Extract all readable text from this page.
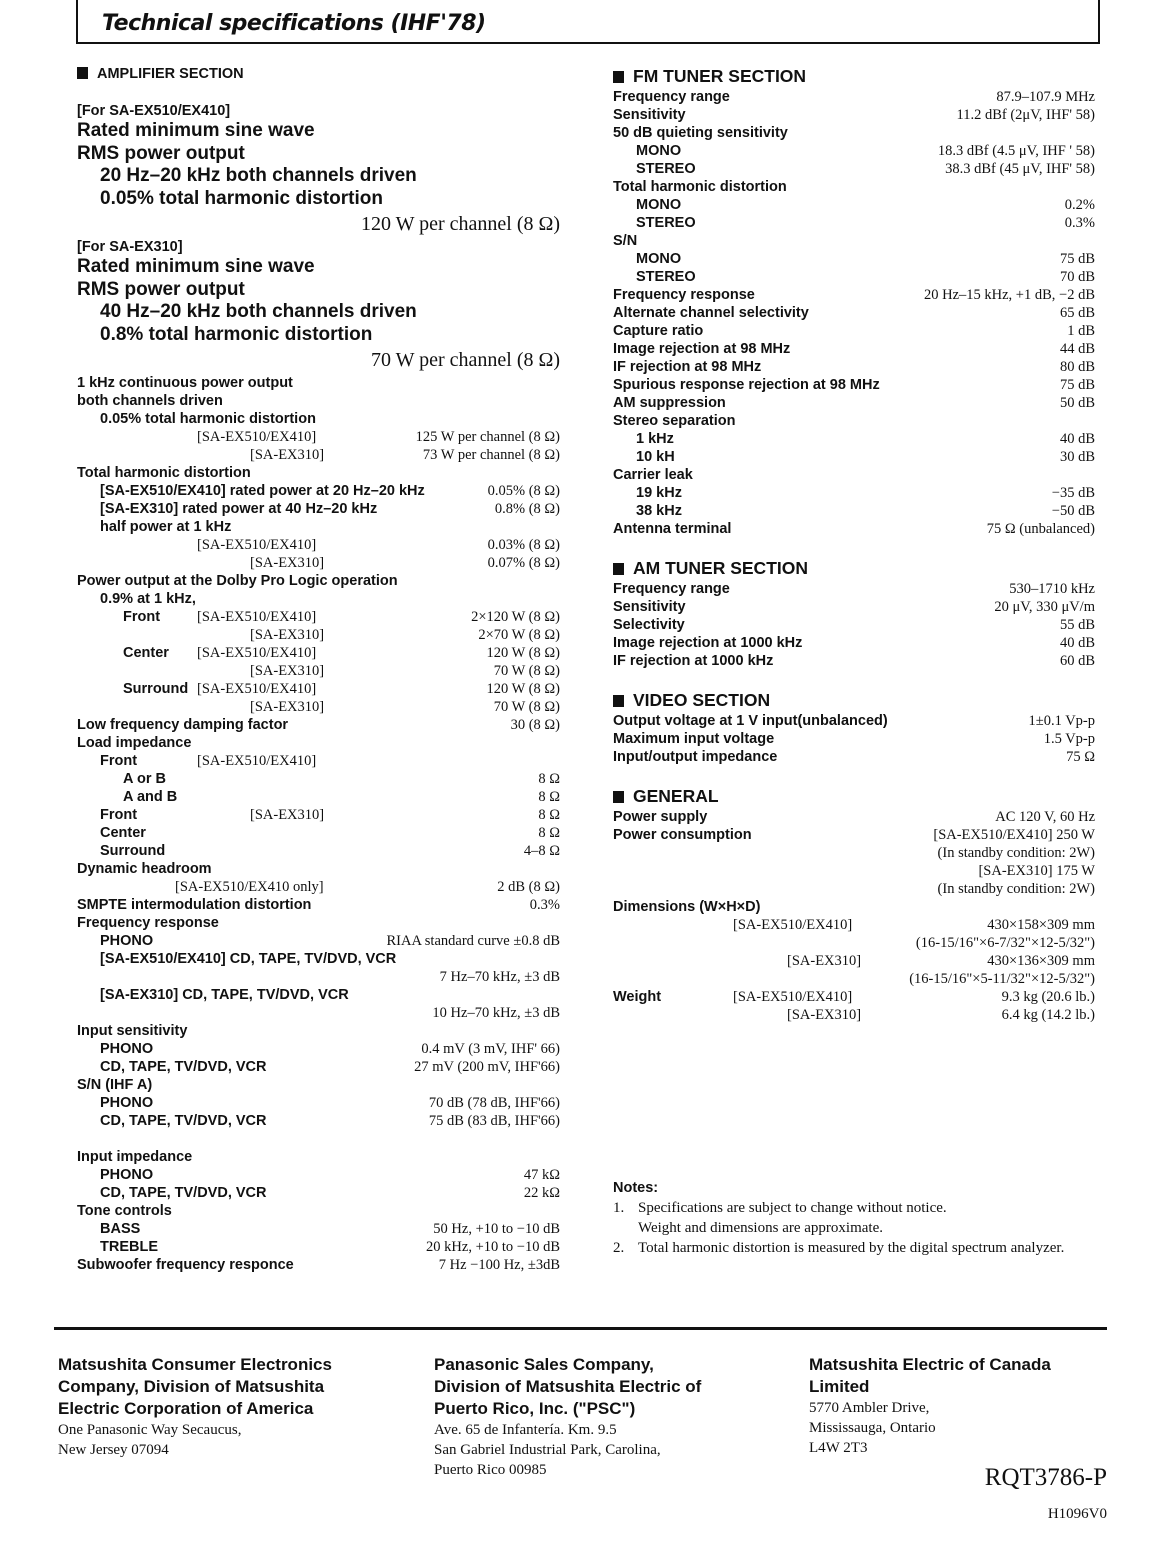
Technical specifications (IHF'78)
AMPLIFIER SECTION
[For SA-EX510/EX410]
Rated minimum sine wave
RMS power output
20 Hz–20 kHz both channels driven
0.05% total harmonic distortion
120 W per channel (8 Ω)
[For SA-EX310]
Rated minimum sine wave
RMS power output
40 Hz–20 kHz both channels driven
0.8% total harmonic distortion
70 W per channel (8 Ω)
1 kHz continuous power output
both channels driven
0.05% total harmonic distortion
[SA-EX510/EX410]	125 W per channel (8 Ω)
[SA-EX310]	73 W per channel (8 Ω)
Total harmonic distortion
[SA-EX510/EX410] rated power at 20 Hz–20 kHz	0.05% (8 Ω)
[SA-EX310] rated power at 40 Hz–20 kHz	0.8% (8 Ω)
half power at 1 kHz
[SA-EX510/EX410]	0.03% (8 Ω)
[SA-EX310]	0.07% (8 Ω)
Power output at the Dolby Pro Logic operation
0.9% at 1 kHz,
Front	[SA-EX510/EX410]	2×120 W (8 Ω)
[SA-EX310]	2×70 W (8 Ω)
Center [SA-EX510/EX410]	120 W (8 Ω)
[SA-EX310]	70 W (8 Ω)
Surround [SA-EX510/EX410]	120 W (8 Ω)
[SA-EX310]	70 W (8 Ω)
Low frequency damping factor	30 (8 Ω)
Load impedance
Front	[SA-EX510/EX410]
A or B	8 Ω
A and B	8 Ω
Front	[SA-EX310]	8 Ω
Center	8 Ω
Surround	4–8 Ω
Dynamic headroom
[SA-EX510/EX410 only]	2 dB (8 Ω)
SMPTE intermodulation distortion	0.3%
Frequency response
PHONO	RIAA standard curve ±0.8 dB
[SA-EX510/EX410] CD, TAPE, TV/DVD, VCR
7 Hz–70 kHz, ±3 dB
[SA-EX310] CD, TAPE, TV/DVD, VCR
10 Hz–70 kHz, ±3 dB
Input sensitivity
PHONO	0.4 mV (3 mV, IHF' 66)
CD, TAPE, TV/DVD, VCR	27 mV (200 mV, IHF'66)
S/N (IHF A)
PHONO	70 dB (78 dB, IHF'66)
CD, TAPE, TV/DVD, VCR	75 dB (83 dB, IHF'66)
Input impedance
PHONO	47 kΩ
CD, TAPE, TV/DVD, VCR	22 kΩ
Tone controls
BASS	50 Hz, +10 to −10 dB
TREBLE	20 kHz, +10 to −10 dB
Subwoofer frequency responce	7 Hz −100 Hz, ±3dB
FM TUNER SECTION
Frequency range	87.9–107.9 MHz
Sensitivity	11.2 dBf (2μV, IHF' 58)
50 dB quieting sensitivity
MONO	18.3 dBf (4.5 μV, IHF ' 58)
STEREO	38.3 dBf (45 μV, IHF' 58)
Total harmonic distortion
MONO	0.2%
STEREO	0.3%
S/N
MONO	75 dB
STEREO	70 dB
Frequency response	20 Hz–15 kHz, +1 dB, −2 dB
Alternate channel selectivity	65 dB
Capture ratio	1 dB
Image rejection at 98 MHz	44 dB
IF rejection at 98 MHz	80 dB
Spurious response rejection at 98 MHz	75 dB
AM suppression	50 dB
Stereo separation
1 kHz	40 dB
10 kH	30 dB
Carrier leak
19 kHz	−35 dB
38 kHz	−50 dB
Antenna terminal	75 Ω (unbalanced)
AM TUNER SECTION
Frequency range	530–1710 kHz
Sensitivity	20 μV, 330 μV/m
Selectivity	55 dB
Image rejection at 1000 kHz	40 dB
IF rejection at 1000 kHz	60 dB
VIDEO SECTION
Output voltage at 1 V input(unbalanced)	1±0.1 Vp-p
Maximum input voltage	1.5 Vp-p
Input/output impedance	75 Ω
GENERAL
Power supply	AC 120 V, 60 Hz
Power consumption	[SA-EX510/EX410] 250 W
(In standby condition: 2W)
[SA-EX310] 175 W
(In standby condition: 2W)
Dimensions (W×H×D)
[SA-EX510/EX410]	430×158×309 mm
(16-15/16"×6-7/32"×12-5/32")
[SA-EX310]	430×136×309 mm
(16-15/16"×5-11/32"×12-5/32")
Weight	[SA-EX510/EX410]	9.3 kg (20.6 lb.)
[SA-EX310]	6.4 kg (14.2 lb.)
Notes:
1. Specifications are subject to change without notice.
Weight and dimensions are approximate.
2. Total harmonic distortion is measured by the digital spectrum analyzer.
Matsushita Consumer Electronics
Company, Division of Matsushita
Electric Corporation of America
One Panasonic Way Secaucus,
New Jersey 07094
Panasonic Sales Company,
Division of Matsushita Electric of
Puerto Rico, Inc. ("PSC")
Ave. 65 de Infantería. Km. 9.5
San Gabriel Industrial Park, Carolina,
Puerto Rico 00985
Matsushita Electric of Canada
Limited
5770 Ambler Drive,
Mississauga, Ontario
L4W 2T3
RQT3786-P
H1096V0
